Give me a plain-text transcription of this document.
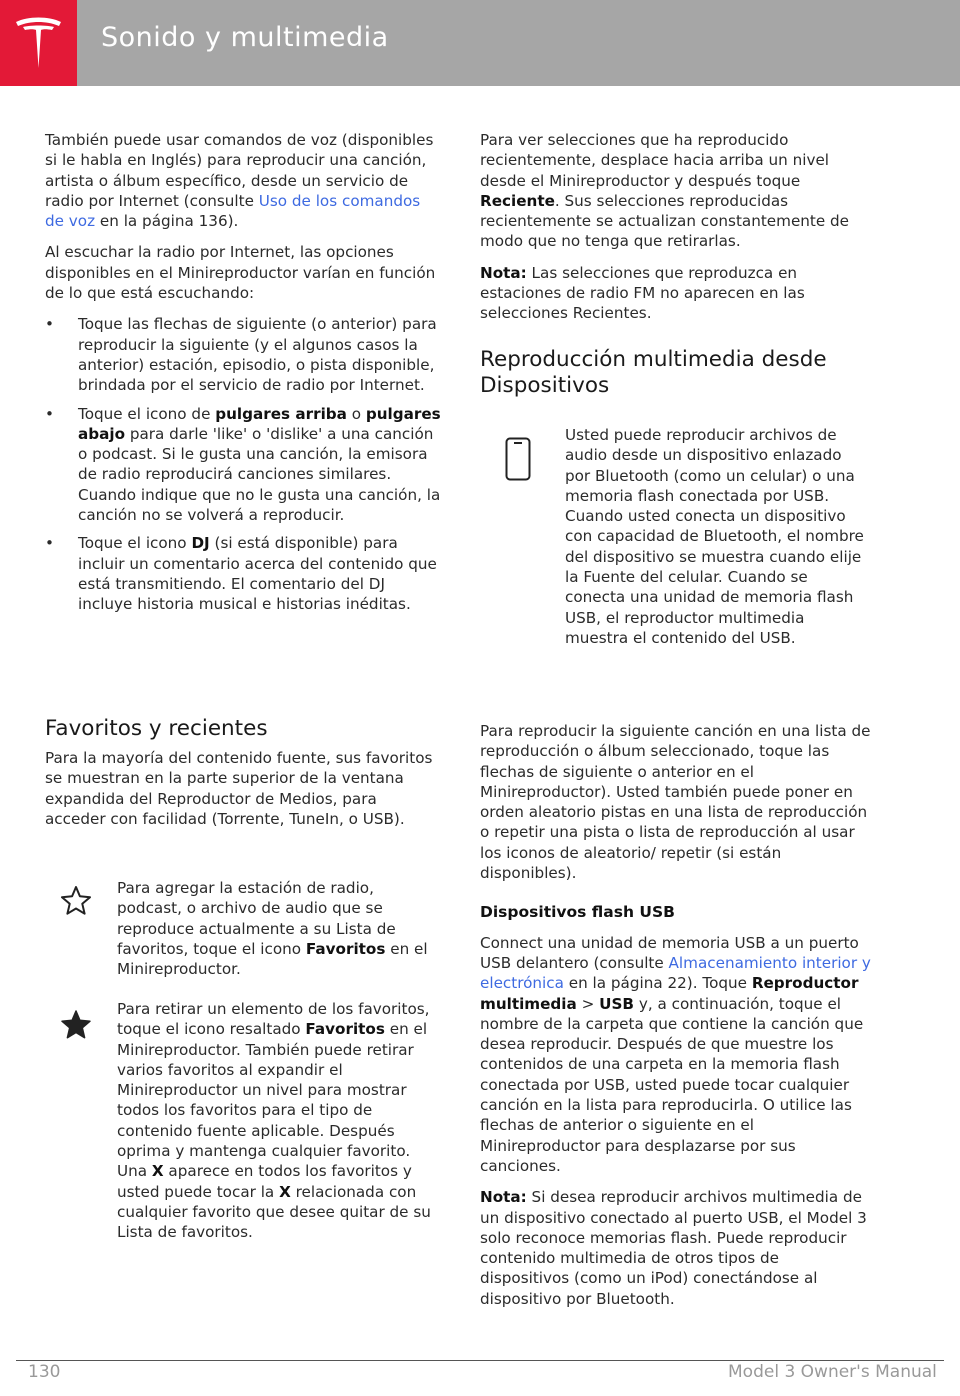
Sonido y multimedia

También puede usar comandos de voz (disponibles si le habla en Inglés) para reproducir una canción, artista o álbum específico, desde un servicio de radio por Internet (consulte Uso de los comandos de voz en la página 136).

Al escuchar la radio por Internet, las opciones disponibles en el Minireproductor varían en función de lo que está escuchando:

• Toque las flechas de siguiente (o anterior) para reproducir la siguiente (y el algunos casos la anterior) estación, episodio, o pista disponible, brindada por el servicio de radio por Internet.
• Toque el icono de pulgares arriba o pulgares abajo para darle 'like' o 'dislike' a una canción o podcast. Si le gusta una canción, la emisora de radio reproducirá canciones similares. Cuando indique que no le gusta una canción, la canción no se volverá a reproducir.
• Toque el icono DJ (si está disponible) para incluir un comentario acerca del contenido que está transmitiendo. El comentario del DJ incluye historia musical e historias inéditas.
Favoritos y recientes

Para la mayoría del contenido fuente, sus favoritos se muestran en la parte superior de la ventana expandida del Reproductor de Medios, para acceder con facilidad (Torrente, TuneIn, o USB).

Para agregar la estación de radio, podcast, o archivo de audio que se reproduce actualmente a su Lista de favoritos, toque el icono Favoritos en el Minireproductor.

Para retirar un elemento de los favoritos, toque el icono resaltado Favoritos en el Minireproductor. También puede retirar varios favoritos al expandir el Minireproductor un nivel para mostrar todos los favoritos para el tipo de contenido fuente aplicable. Después oprima y mantenga cualquier favorito. Una X aparece en todos los favoritos y usted puede tocar la X relacionada con cualquier favorito que desee quitar de su Lista de favoritos.

Para ver selecciones que ha reproducido recientemente, desplace hacia arriba un nivel desde el Minireproductor y después toque Reciente. Sus selecciones reproducidas recientemente se actualizan constantemente de modo que no tenga que retirarlas.

Nota: Las selecciones que reproduzca en estaciones de radio FM no aparecen en las selecciones Recientes.

Reproducción multimedia desde Dispositivos

Usted puede reproducir archivos de audio desde un dispositivo enlazado por Bluetooth (como un celular) o una memoria flash conectada por USB. Cuando usted conecta un dispositivo con capacidad de Bluetooth, el nombre del dispositivo se muestra cuando elije la Fuente del celular. Cuando se conecta una unidad de memoria flash USB, el reproductor multimedia muestra el contenido del USB.

Para reproducir la siguiente canción en una lista de reproducción o álbum seleccionado, toque las flechas de siguiente o anterior en el Minireproductor). Usted también puede poner en orden aleatorio pistas en una lista de reproducción o repetir una pista o lista de reproducción al usar los iconos de aleatorio/ repetir (si están disponibles).

Dispositivos flash USB

Connect una unidad de memoria USB a un puerto USB delantero (consulte Almacenamiento interior y electrónica en la página 22). Toque Reproductor multimedia > USB y, a continuación, toque el nombre de la carpeta que contiene la canción que desea reproducir. Después de que muestre los contenidos de una carpeta en la memoria flash conectada por USB, usted puede tocar cualquier canción en la lista para reproducirla. O utilice las flechas de anterior o siguiente en el Minireproductor para desplazarse por sus canciones.

Nota: Si desea reproducir archivos multimedia de un dispositivo conectado al puerto USB, el Model 3 solo reconoce memorias flash. Puede reproducir contenido multimedia de otros tipos de dispositivos (como un iPod) conectándose al dispositivo por Bluetooth.

130	Model 3 Owner's Manual
